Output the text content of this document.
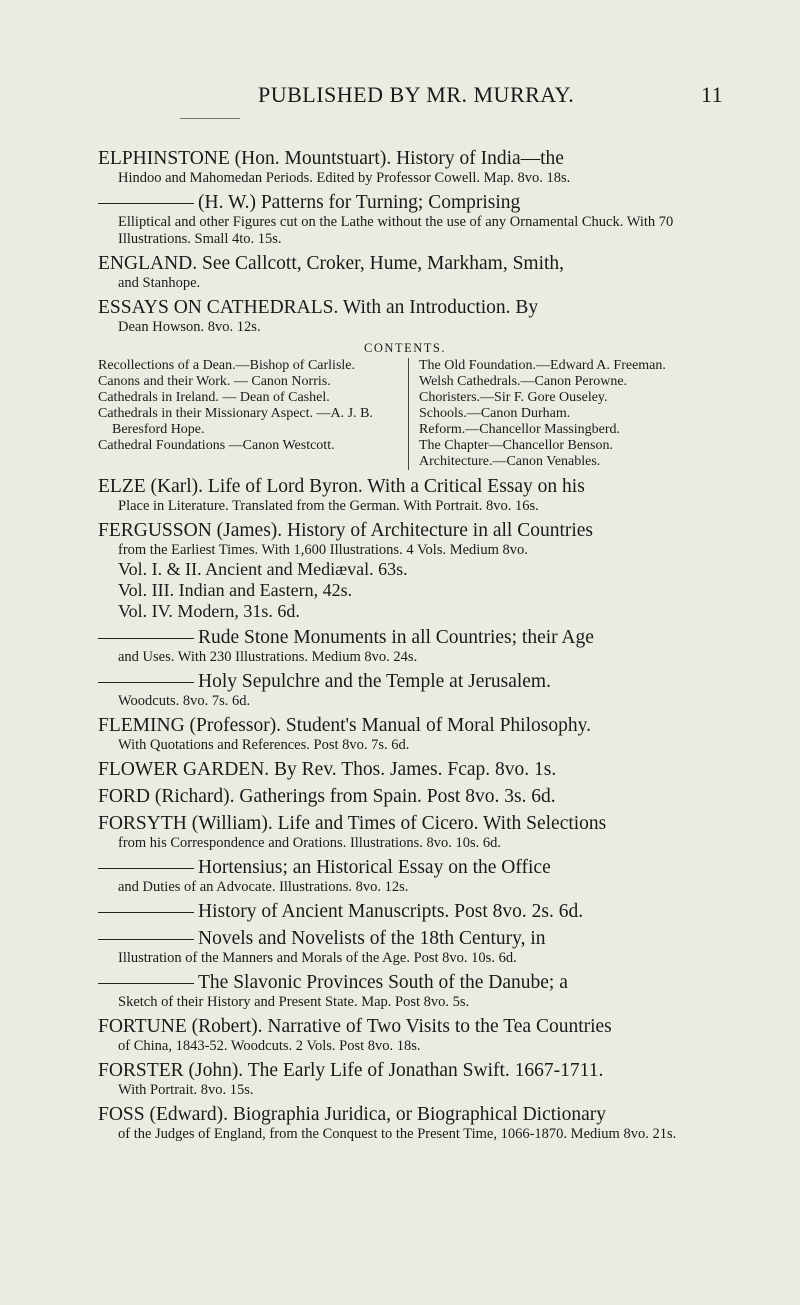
PUBLISHED BY MR. MURRAY.	11
ELPHINSTONE (Hon. Mountstuart). History of India—the
Hindoo and Mahomedan Periods. Edited by Professor Cowell. Map. 8vo. 18s.
(H. W.) Patterns for Turning; Comprising
Elliptical and other Figures cut on the Lathe without the use of any Ornamental Chuck. With 70 Illustrations. Small 4to. 15s.
ENGLAND. See Callcott, Croker, Hume, Markham, Smith,
and Stanhope.
ESSAYS ON CATHEDRALS. With an Introduction. By
Dean Howson. 8vo. 12s.
CONTENTS.
Recollections of a Dean.—Bishop of Carlisle.
Canons and their Work. — Canon Norris.
Cathedrals in Ireland. — Dean of Cashel.
Cathedrals in their Missionary Aspect. —A. J. B. Beresford Hope.
Cathedral Foundations —Canon Westcott.
The Old Foundation.—Edward A. Freeman.
Welsh Cathedrals.—Canon Perowne.
Choristers.—Sir F. Gore Ouseley.
Schools.—Canon Durham.
Reform.—Chancellor Massingberd.
The Chapter—Chancellor Benson.
Architecture.—Canon Venables.
ELZE (Karl). Life of Lord Byron. With a Critical Essay on his
Place in Literature. Translated from the German. With Portrait. 8vo. 16s.
FERGUSSON (James). History of Architecture in all Countries
from the Earliest Times. With 1,600 Illustrations. 4 Vols. Medium 8vo.
Vol. I. & II. Ancient and Mediæval. 63s.
Vol. III. Indian and Eastern, 42s.
Vol. IV. Modern, 31s. 6d.
Rude Stone Monuments in all Countries; their Age
and Uses. With 230 Illustrations. Medium 8vo. 24s.
Holy Sepulchre and the Temple at Jerusalem.
Woodcuts. 8vo. 7s. 6d.
FLEMING (Professor). Student's Manual of Moral Philosophy.
With Quotations and References. Post 8vo. 7s. 6d.
FLOWER GARDEN. By Rev. Thos. James. Fcap. 8vo. 1s.
FORD (Richard). Gatherings from Spain. Post 8vo. 3s. 6d.
FORSYTH (William). Life and Times of Cicero. With Selections
from his Correspondence and Orations. Illustrations. 8vo. 10s. 6d.
Hortensius; an Historical Essay on the Office
and Duties of an Advocate. Illustrations. 8vo. 12s.
History of Ancient Manuscripts. Post 8vo. 2s. 6d.
Novels and Novelists of the 18th Century, in
Illustration of the Manners and Morals of the Age. Post 8vo. 10s. 6d.
The Slavonic Provinces South of the Danube; a
Sketch of their History and Present State. Map. Post 8vo. 5s.
FORTUNE (Robert). Narrative of Two Visits to the Tea Countries
of China, 1843-52. Woodcuts. 2 Vols. Post 8vo. 18s.
FORSTER (John). The Early Life of Jonathan Swift. 1667-1711.
With Portrait. 8vo. 15s.
FOSS (Edward). Biographia Juridica, or Biographical Dictionary
of the Judges of England, from the Conquest to the Present Time, 1066-1870. Medium 8vo. 21s.
